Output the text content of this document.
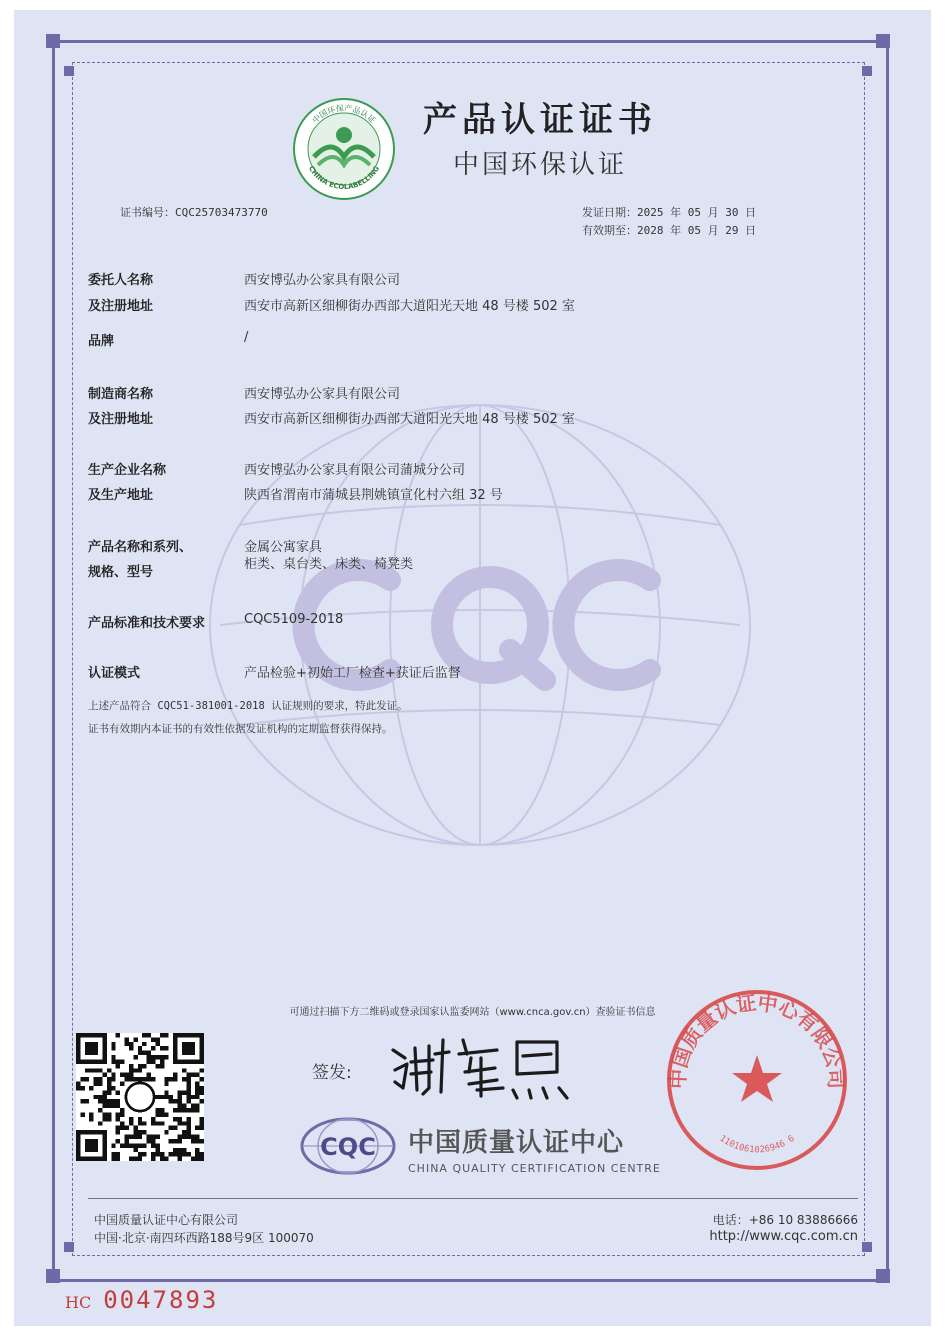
中国环保产品认证
CHINA ECOLABELLING
产品认证证书
中国环保认证
证书编号：CQC25703473770	发证日期：2025 年 05 月 30 日
有效期至：2028 年 05 月 29 日
委托人名称	西安博弘办公家具有限公司
及注册地址	西安市高新区细柳街办西部大道阳光天地 48 号楼 502 室
品牌	/
制造商名称	西安博弘办公家具有限公司
及注册地址	西安市高新区细柳街办西部大道阳光天地 48 号楼 502 室
生产企业名称	西安博弘办公家具有限公司蒲城分公司
及生产地址	陕西省渭南市蒲城县荆姚镇宣化村六组 32 号
产品名称和系列、	金属公寓家具
规格、型号
柜类、桌台类、床类、椅凳类
产品标准和技术要求	CQC5109-2018
认证模式	产品检验+初始工厂检查+获证后监督
上述产品符合 CQC51-381001-2018 认证规则的要求，特此发证。
证书有效期内本证书的有效性依据发证机构的定期监督获得保持。
可通过扫描下方二维码或登录国家认监委网站（www.cnca.gov.cn）查验证书信息
签发:
CQC 中国质量认证中心
CHINA QUALITY CERTIFICATION CENTRE
中国质量认证中心有限公司
1101061026946 6
中国质量认证中心有限公司
中国·北京·南四环西路188号9区 100070
电话：+86 10 83886666
http://www.cqc.com.cn
HC 0047893
